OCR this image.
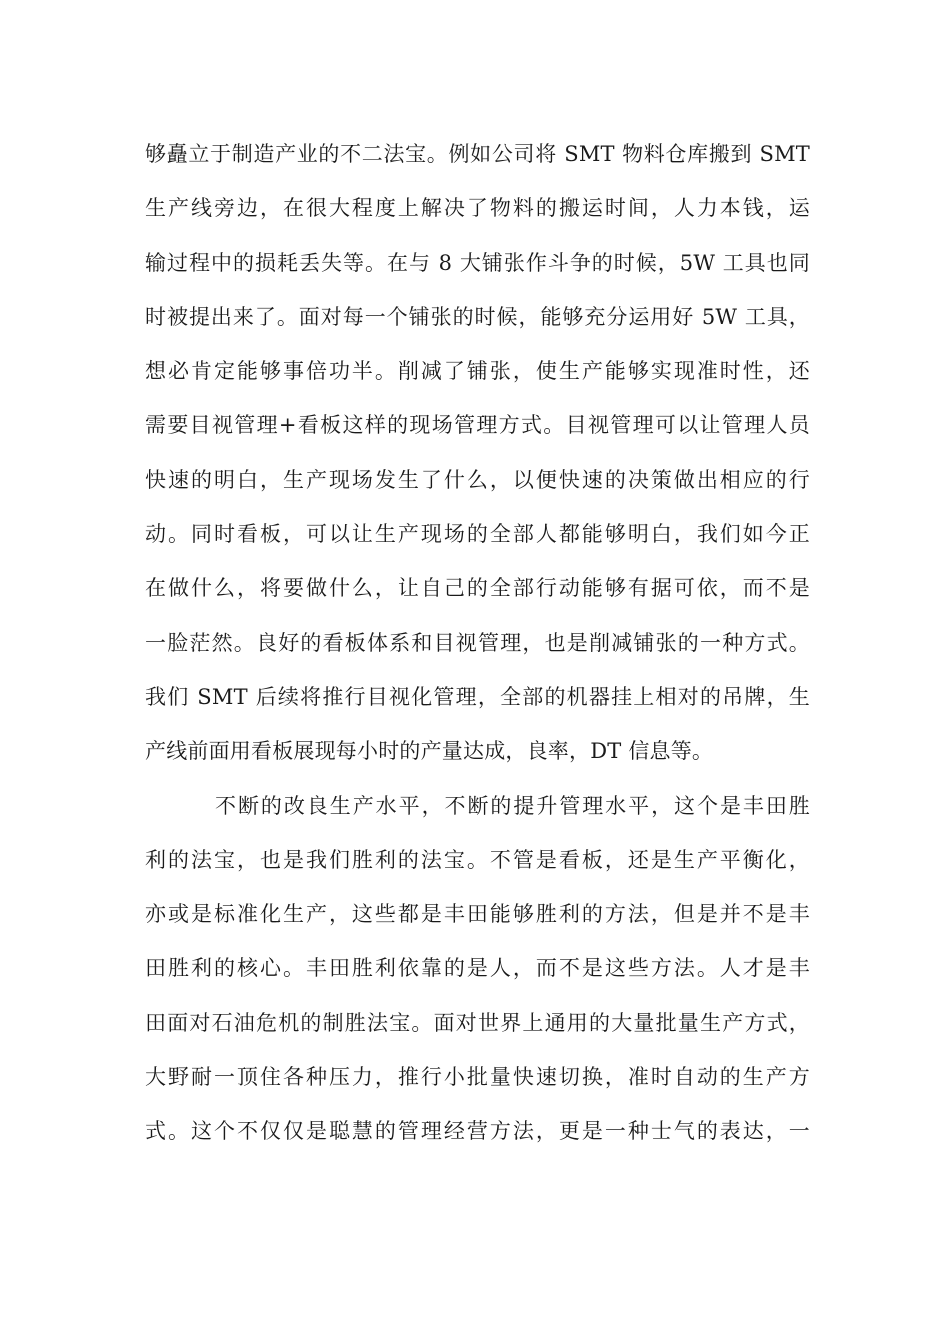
够矗立于制造产业的不二法宝。例如公司将 SMT 物料仓库搬到 SMT
生产线旁边，在很大程度上解决了物料的搬运时间，人力本钱，运
输过程中的损耗丢失等。在与 8 大铺张作斗争的时候，5W 工具也同
时被提出来了。面对每一个铺张的时候，能够充分运用好 5W 工具，
想必肯定能够事倍功半。削减了铺张，使生产能够实现准时性，还
需要目视管理+看板这样的现场管理方式。目视管理可以让管理人员
快速的明白，生产现场发生了什么，以便快速的决策做出相应的行
动。同时看板，可以让生产现场的全部人都能够明白，我们如今正
在做什么，将要做什么，让自己的全部行动能够有据可依，而不是
一脸茫然。良好的看板体系和目视管理，也是削减铺张的一种方式。
我们 SMT 后续将推行目视化管理，全部的机器挂上相对的吊牌，生
产线前面用看板展现每小时的产量达成，良率，DT 信息等。
不断的改良生产水平，不断的提升管理水平，这个是丰田胜
利的法宝，也是我们胜利的法宝。不管是看板，还是生产平衡化，
亦或是标准化生产，这些都是丰田能够胜利的方法，但是并不是丰
田胜利的核心。丰田胜利依靠的是人，而不是这些方法。人才是丰
田面对石油危机的制胜法宝。面对世界上通用的大量批量生产方式，
大野耐一顶住各种压力，推行小批量快速切换，准时自动的生产方
式。这个不仅仅是聪慧的管理经营方法，更是一种士气的表达，一
